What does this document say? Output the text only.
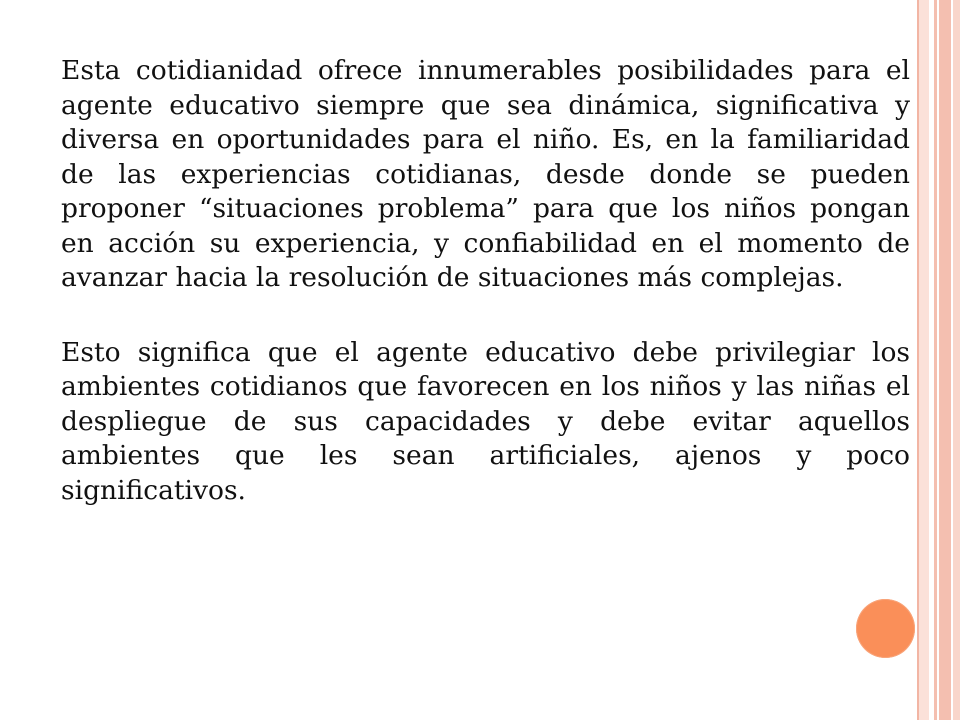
Esta cotidianidad ofrece innumerables posibilidades para el agente educativo siempre que sea dinámica, significativa y diversa en oportunidades para el niño. Es, en la familiaridad de las experiencias cotidianas, desde donde se pueden proponer “situaciones problema” para que los niños pongan en acción su experiencia, y confiabilidad en el momento de avanzar hacia la resolución de situaciones más complejas.

Esto significa que el agente educativo debe privilegiar los ambientes cotidianos que favorecen en los niños y las niñas el despliegue de sus capacidades y debe evitar aquellos ambientes que les sean artificiales, ajenos y poco significativos.
